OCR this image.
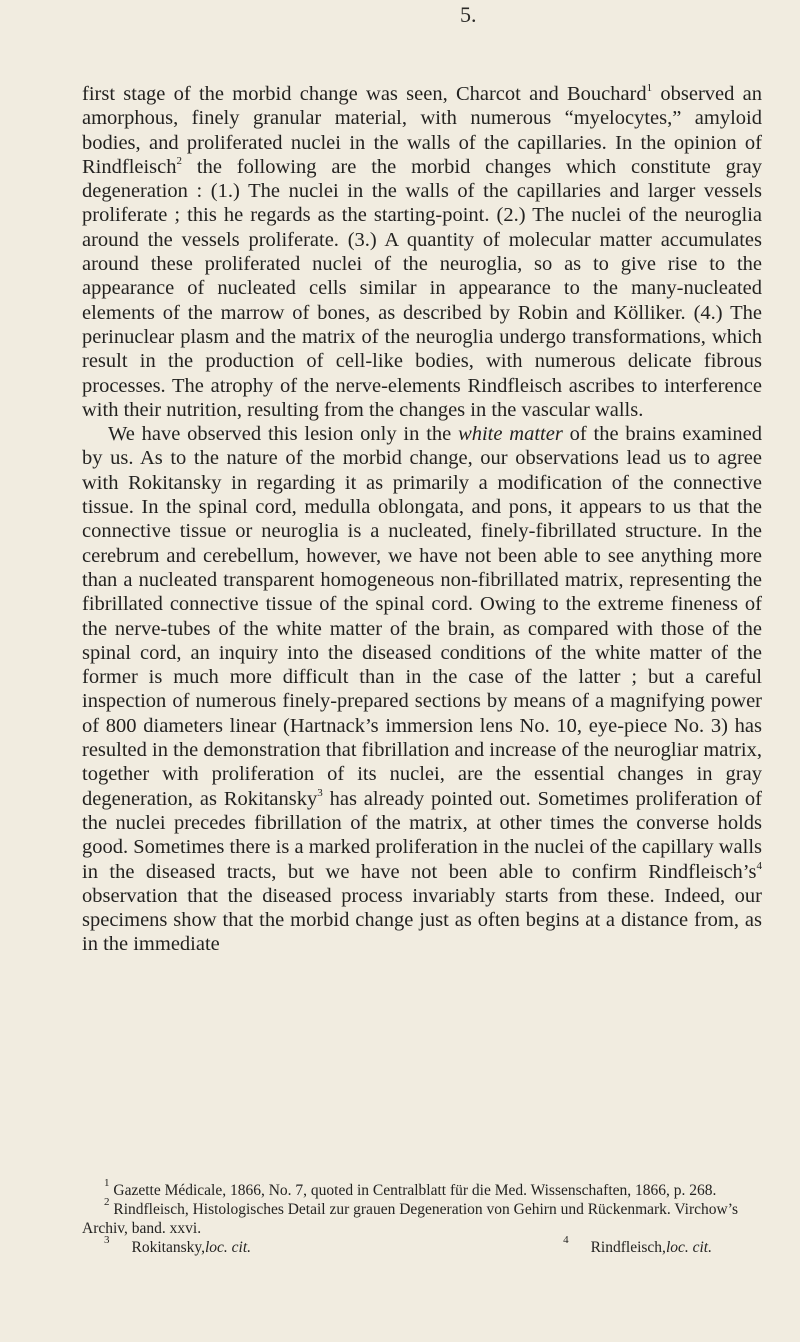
5.

first stage of the morbid change was seen, Charcot and Bouchard$^1$ observed an amorphous, finely granular material, with numerous “myelocytes,” amyloid bodies, and proliferated nuclei in the walls of the capillaries. In the opinion of Rindfleisch$^2$ the following are the morbid changes which constitute gray degeneration : (1.) The nuclei in the walls of the capillaries and larger vessels proliferate ; this he regards as the starting-point. (2.) The nuclei of the neuroglia around the vessels proliferate. (3.) A quantity of molecular matter accumulates around these proliferated nuclei of the neuroglia, so as to give rise to the appearance of nucleated cells similar in appearance to the many-nucleated elements of the marrow of bones, as described by Robin and Kölliker. (4.) The perinuclear plasm and the matrix of the neuroglia undergo transformations, which result in the production of cell-like bodies, with numerous delicate fibrous processes. The atrophy of the nerve-elements Rindfleisch ascribes to interference with their nutrition, resulting from the changes in the vascular walls.

We have observed this lesion only in the white matter of the brains examined by us. As to the nature of the morbid change, our observations lead us to agree with Rokitansky in regarding it as primarily a modification of the connective tissue. In the spinal cord, medulla oblongata, and pons, it appears to us that the connective tissue or neuroglia is a nucleated, finely-fibrillated structure. In the cerebrum and cerebellum, however, we have not been able to see anything more than a nucleated transparent homogeneous non-fibrillated matrix, representing the fibrillated connective tissue of the spinal cord. Owing to the extreme fineness of the nerve-tubes of the white matter of the brain, as compared with those of the spinal cord, an inquiry into the diseased conditions of the white matter of the former is much more difficult than in the case of the latter ; but a careful inspection of numerous finely-prepared sections by means of a magnifying power of 800 diameters linear (Hartnack’s immersion lens No. 10, eye-piece No. 3) has resulted in the demonstration that fibrillation and increase of the neurogliar matrix, together with proliferation of its nuclei, are the essential changes in gray degeneration, as Rokitansky$^3$ has already pointed out. Sometimes proliferation of the nuclei precedes fibrillation of the matrix, at other times the converse holds good. Sometimes there is a marked proliferation in the nuclei of the capillary walls in the diseased tracts, but we have not been able to confirm $Rindfleisch’s^4$ observation that the diseased process invariably starts from these. Indeed, our specimens show that the morbid change just as often begins at a distance from, as in the immediate

$^1$ Gazette Médicale, 1866, No. 7, quoted in Centralblatt für die Med. Wissenschaften, 1866, p. 268.

$^2$ Rindfleisch, Histologisches Detail zur grauen Degeneration von Gehirn und Rückenmark. Virchow’s Archiv, band. xxvi.

$^3$Rokitansky,loc. cit.	$^4$Rindfleisch,loc. cit.
